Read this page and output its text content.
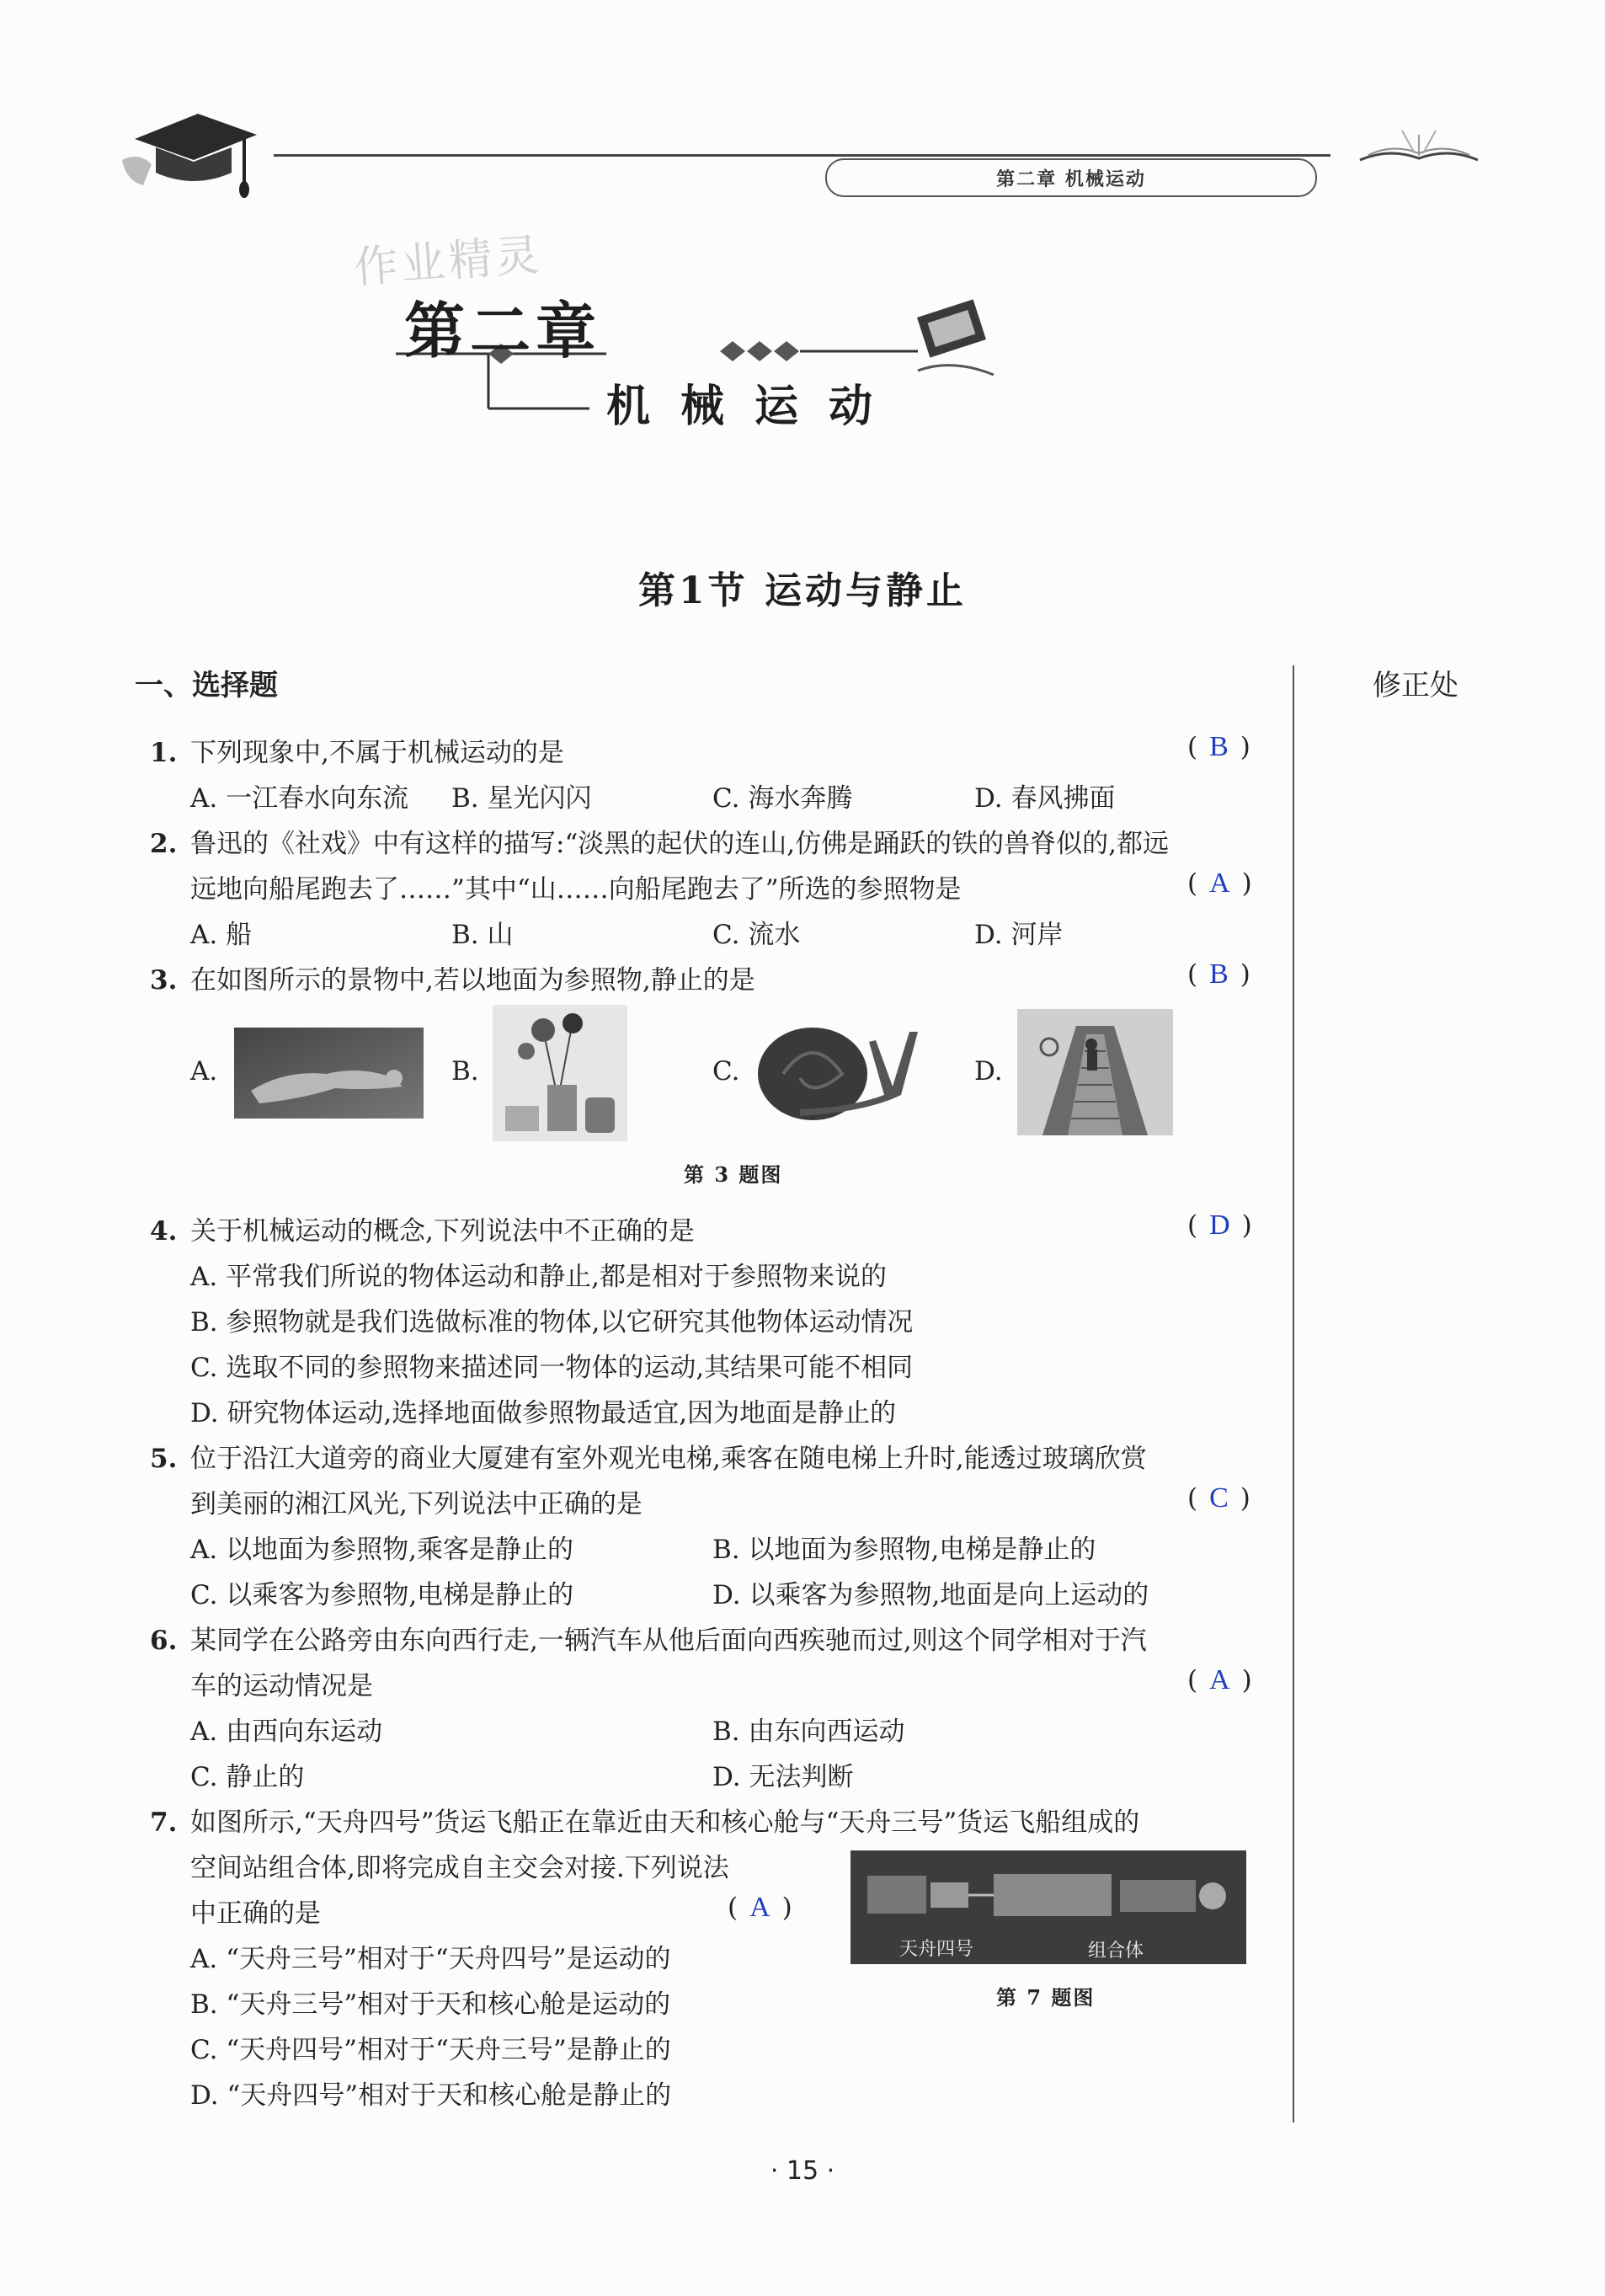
第二章 机械运动
作业精灵
第二章
机械运动
第1节 运动与静止
一、选择题	修正处
1. 下列现象中,不属于机械运动的是	( B )
A. 一江春水向东流 B. 星光闪闪	C. 海水奔腾	D. 春风拂面
2. 鲁迅的《社戏》中有这样的描写:“淡黑的起伏的连山,仿佛是踊跃的铁的兽脊似的,都远
远地向船尾跑去了……”其中“山……向船尾跑去了”所选的参照物是	( A )
A. 船	B. 山	C. 流水	D. 河岸
3. 在如图所示的景物中,若以地面为参照物,静止的是	( B )
A.	B.	C.	D.
第 3 题图
4. 关于机械运动的概念,下列说法中不正确的是	( D )
A. 平常我们所说的物体运动和静止,都是相对于参照物来说的
B. 参照物就是我们选做标准的物体,以它研究其他物体运动情况
C. 选取不同的参照物来描述同一物体的运动,其结果可能不相同
D. 研究物体运动,选择地面做参照物最适宜,因为地面是静止的
5. 位于沿江大道旁的商业大厦建有室外观光电梯,乘客在随电梯上升时,能透过玻璃欣赏
到美丽的湘江风光,下列说法中正确的是	( C )
A. 以地面为参照物,乘客是静止的	B. 以地面为参照物,电梯是静止的
C. 以乘客为参照物,电梯是静止的	D. 以乘客为参照物,地面是向上运动的
6. 某同学在公路旁由东向西行走,一辆汽车从他后面向西疾驰而过,则这个同学相对于汽
车的运动情况是	( A )
A. 由西向东运动	B. 由东向西运动
C. 静止的	D. 无法判断
7. 如图所示,“天舟四号”货运飞船正在靠近由天和核心舱与“天舟三号”货运飞船组成的
空间站组合体,即将完成自主交会对接.下列说法
中正确的是	( A )
A. “天舟三号”相对于“天舟四号”是运动的
B. “天舟三号”相对于天和核心舱是运动的
C. “天舟四号”相对于“天舟三号”是静止的
D. “天舟四号”相对于天和核心舱是静止的
天舟四号	组合体
第 7 题图
· 15 ·
